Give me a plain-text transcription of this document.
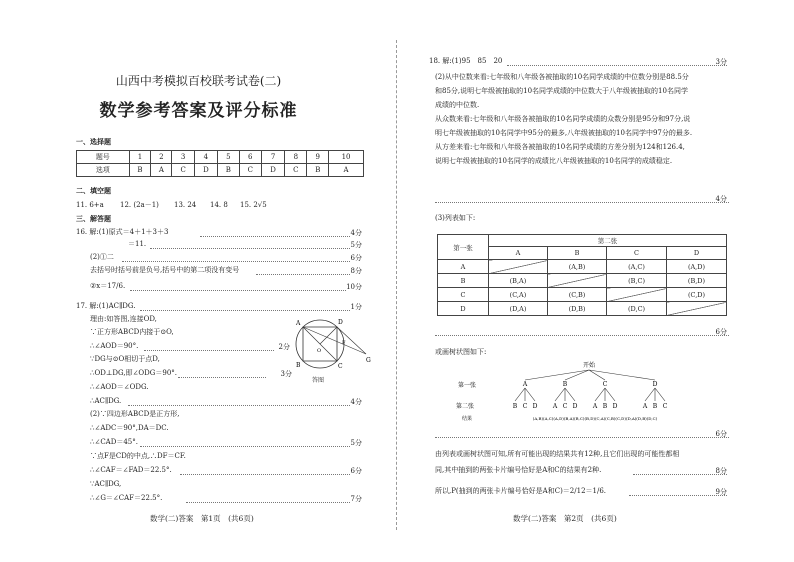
山西中考模拟百校联考试卷(二)
数学参考答案及评分标准
一、选择题
题号	1	2	3	4	5	6	7	8	9	10
选项	B	A	C	D	B	C	D	C	B	A
二、填空题
11. 6+a 12. (2a－1) 13. 24 14. 8 15. 2√5
三、解答题
16. 解:(1)原式＝4＋1＋3＋3	4分
＝11.	5分
(2)①二	6分
去括号时括号前是负号,括号中的第二项没有变号	8分
②x＝17/6.	10分
17. 解:(1)AC∥DG.	1分
理由:如答图,连接OD,
∵正方形ABCD内接于⊙O,
∴∠AOD＝90°.	2分
∵DG与⊙O相切于点D,
∴OD⊥DG,即∠ODG＝90°.	3分
∴∠AOD＝∠ODG.
∴AC∥DG.	4分
(2)∵四边形ABCD是正方形,
∴∠ADC＝90°,DA＝DC.
∴∠CAD＝45°.	5分
∵点F是CD的中点,∴DF＝CF.
∴∠CAF＝∠FAD＝22.5°.	6分
∵AC∥DG,
∴∠G＝∠CAF＝22.5°.	7分
A
B	C
D
O
F
G
答图
数学(二)答案　第1页　(共6页)
18. 解:(1)95　85　20	3分
(2)从中位数来看:七年级和八年级各被抽取的10名同学成绩的中位数分别是88.5分
和85分,说明七年级被抽取的10名同学成绩的中位数大于八年级被抽取的10名同学
成绩的中位数.
从众数来看:七年级和八年级各被抽取的10名同学成绩的众数分别是95分和97分,说
明七年级被抽取的10名同学中95分的最多,八年级被抽取的10名同学中97分的最多.
从方差来看:七年级和八年级各被抽取的10名同学成绩的方差分别为124和126.4,
说明七年级被抽取的10名同学的成绩比八年级被抽取的10名同学的成绩稳定.
4分
(3)列表如下:
第一张	第二张			
	A	B	C	D
A		(A,B)	(A,C)	(A,D)
B	(B,A)		(B,C)	(B,D)
C	(C,A)	(C,B)		(C,D)
D	(D,A)	(D,B)	(D,C)	
6分
或画树状图如下:
开始
第一张
第二张
结果
A	B	C	D
B C D	A C D	A B D	A B C
(A,B)(A,C)(A,D)(B,A)(B,C)(B,D)(C,A)(C,B)(C,D)(D,A)(D,B)(D,C)
6分
由列表或画树状图可知,所有可能出现的结果共有12种,且它们出现的可能性都相
同,其中抽到的两张卡片编号恰好是A和C的结果有2种.	8分
所以,P(抽到的两张卡片编号恰好是A和C)＝2/12＝1/6.	9分
数学(二)答案　第2页　(共6页)
